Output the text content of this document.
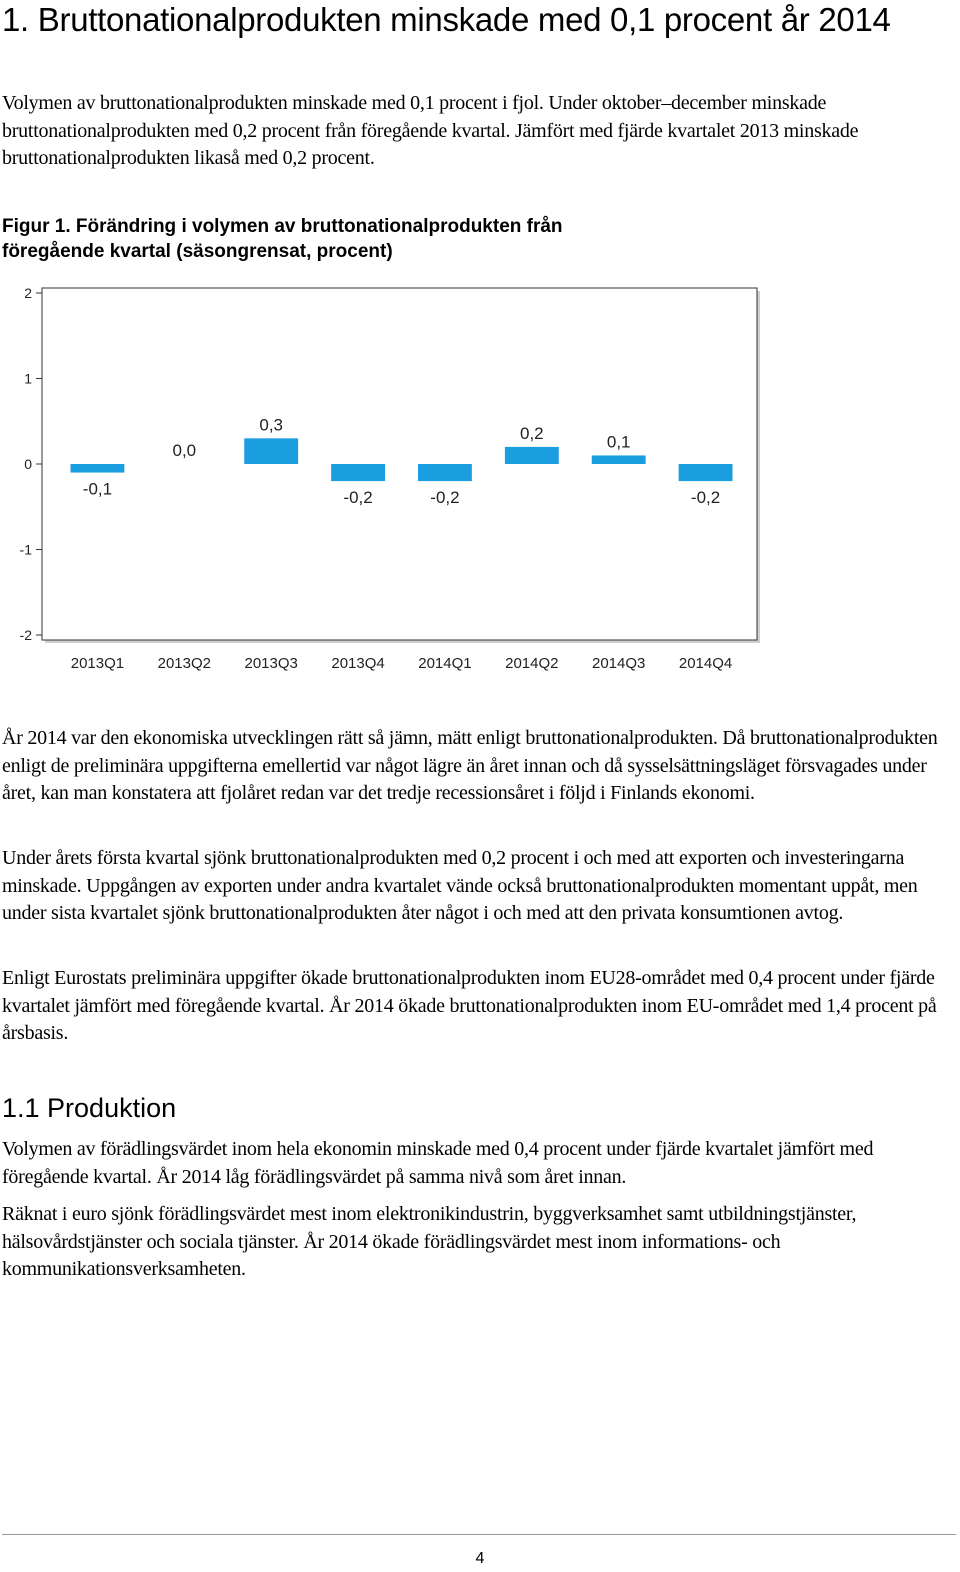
1. Bruttonationalprodukten minskade med 0,1 procent år 2014

Volymen av bruttonationalprodukten minskade med 0,1 procent i fjol. Under oktober–december minskade bruttonationalprodukten med 0,2 procent från föregående kvartal. Jämfört med fjärde kvartalet 2013 minskade bruttonationalprodukten likaså med 0,2 procent.

Figur 1. Förändring i volymen av bruttonationalprodukten från föregående kvartal (säsongrensat, procent)
2
1
0
-1
-2
-0,1
2013Q1
0,0
2013Q2
0,3
2013Q3
-0,2
2013Q4
-0,2
2014Q1
0,2
2014Q2
0,1
2014Q3
-0,2
2014Q4

År 2014 var den ekonomiska utvecklingen rätt så jämn, mätt enligt bruttonationalprodukten. Då bruttonationalprodukten enligt de preliminära uppgifterna emellertid var något lägre än året innan och då sysselsättningsläget försvagades under året, kan man konstatera att fjolåret redan var det tredje recessionsåret i följd i Finlands ekonomi.

Under årets första kvartal sjönk bruttonationalprodukten med 0,2 procent i och med att exporten och investeringarna minskade. Uppgången av exporten under andra kvartalet vände också bruttonationalprodukten momentant uppåt, men under sista kvartalet sjönk bruttonationalprodukten åter något i och med att den privata konsumtionen avtog.

Enligt Eurostats preliminära uppgifter ökade bruttonationalprodukten inom EU28-området med 0,4 procent under fjärde kvartalet jämfört med föregående kvartal. År 2014 ökade bruttonationalprodukten inom EU-området med 1,4 procent på årsbasis.

1.1 Produktion

Volymen av förädlingsvärdet inom hela ekonomin minskade med 0,4 procent under fjärde kvartalet jämfört med föregående kvartal. År 2014 låg förädlingsvärdet på samma nivå som året innan.

Räknat i euro sjönk förädlingsvärdet mest inom elektronikindustrin, byggverksamhet samt utbildningstjänster, hälsovårdstjänster och sociala tjänster. År 2014 ökade förädlingsvärdet mest inom informations- och kommunikationsverksamheten.

4
